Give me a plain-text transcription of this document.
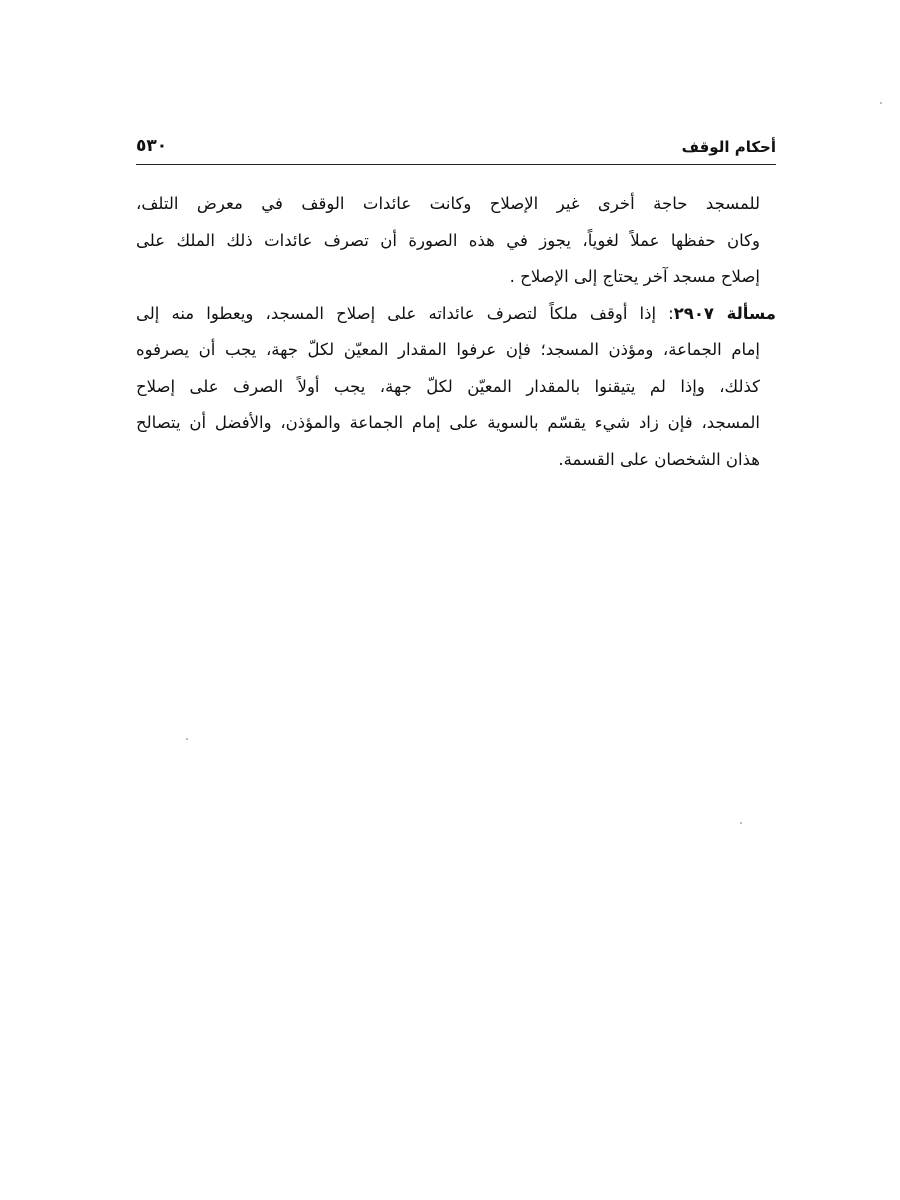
أحكام الوقف
٥٣٠
للمسجد حاجة أخرى غير الإصلاح وكانت عائدات الوقف في معرض التلف،
وكان حفظها عملاً لغوياً، يجوز في هذه الصورة أن تصرف عائدات ذلك الملك على
إصلاح مسجد آخر يحتاج إلى الإصلاح .
مسألة ٢٩٠٧: إذا أوقف ملكاً لتصرف عائداته على إصلاح المسجد، ويعطوا منه إلى
إمام الجماعة، ومؤذن المسجد؛ فإن عرفوا المقدار المعيّن لكلّ جهة، يجب أن يصرفوه
كذلك، وإذا لم يتيقنوا بالمقدار المعيّن لكلّ جهة، يجب أولاً الصرف على إصلاح
المسجد، فإن زاد شيء يقسّم بالسوية على إمام الجماعة والمؤذن، والأفضل أن يتصالح
هذان الشخصان على القسمة.
